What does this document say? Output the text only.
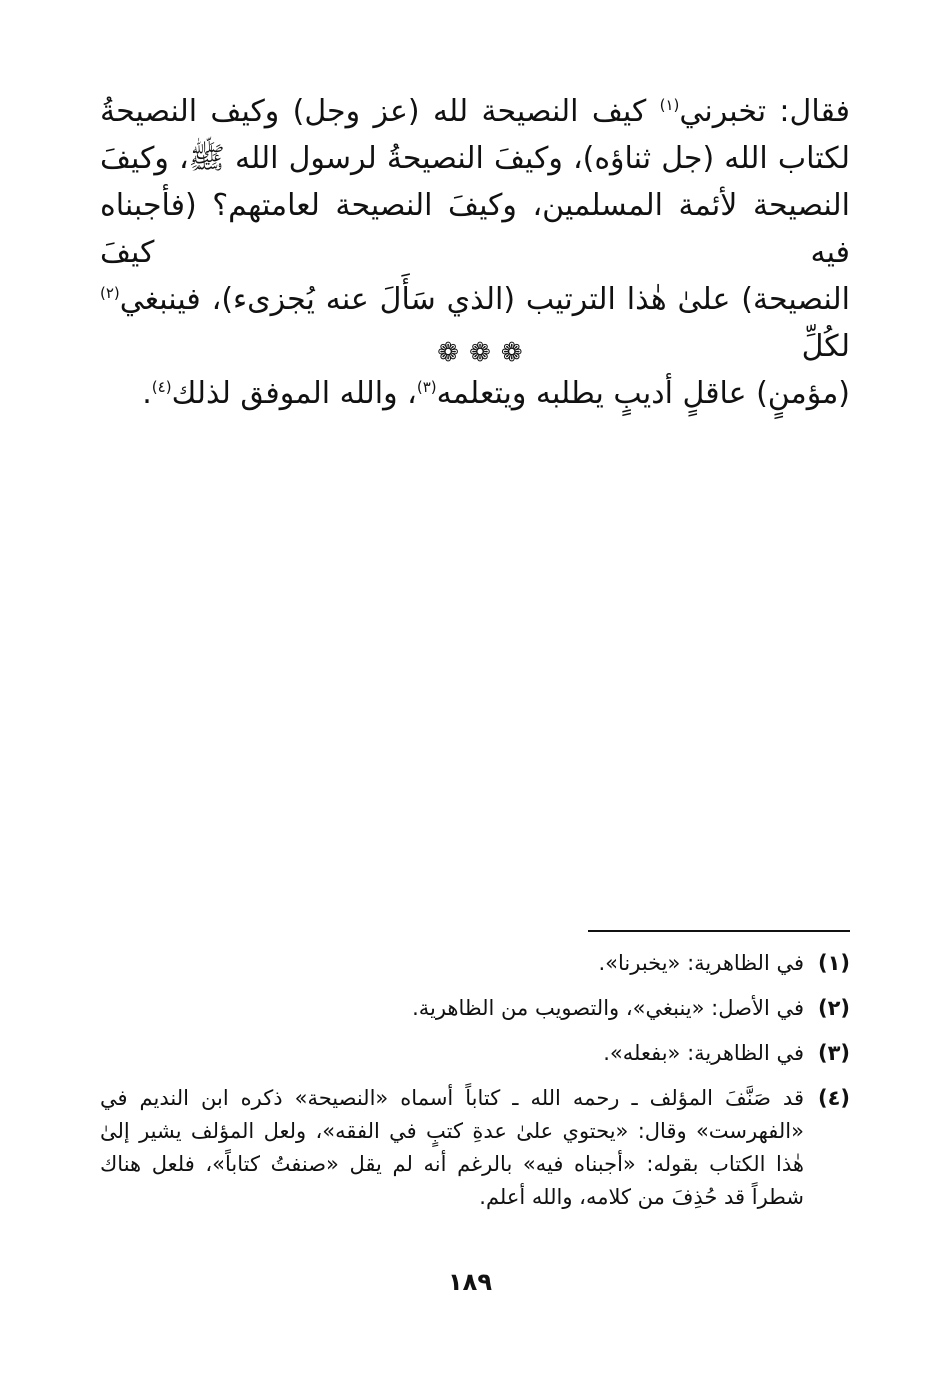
فقال: تخبرني$^{(١)}$ كيف النصيحة لله (عز وجل) وكيف النصيحةُ
لكتاب الله (جل ثناؤه)، وكيفَ النصيحةُ لرسول الله ﷺ، وكيفَ
النصيحة لأئمة المسلمين، وكيفَ النصيحة لعامتهم؟ (فأجبناه فيه كيفَ
النصيحة) علىٰ هٰذا الترتيب (الذي سَأَلَ عنه يُجزىء)، فينبغي$^{(٢)}$ لكُلِّ
(مؤمنٍ) عاقلٍ أديبٍ يطلبه ويتعلمه$^{(٣)}$، والله الموفق لذلك$^{(٤)}$.
❁ ❁ ❁
(١)
في الظاهرية: «يخبرنا».
(٢)
في الأصل: «ينبغي»، والتصويب من الظاهرية.
(٣)
في الظاهرية: «بفعله».
(٤)
قد صَنَّفَ المؤلف ـ رحمه الله ـ كتاباً أسماه «النصيحة» ذكره ابن النديم في «الفهرست» وقال: «يحتوي علىٰ عدةِ كتبٍ في الفقه»، ولعل المؤلف يشير إلىٰ هٰذا الكتاب بقوله: «أجبناه فيه» بالرغم أنه لم يقل «صنفتُ كتاباً»، فلعل هناك شطراً قد حُذِفَ من كلامه، والله أعلم.
١٨٩
